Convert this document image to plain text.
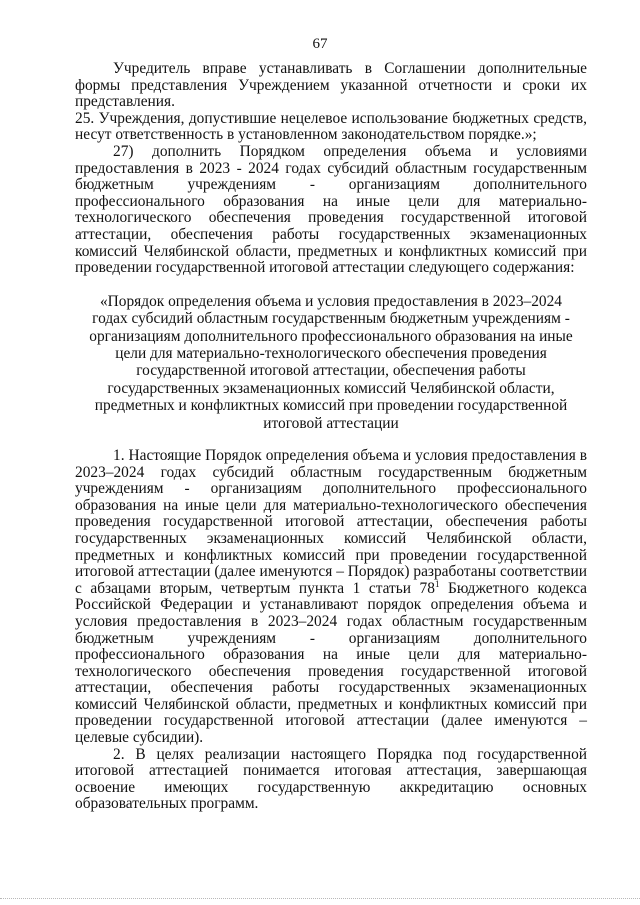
67

Учредитель вправе устанавливать в Соглашении дополнительные формы представления Учреждением указанной отчетности и сроки их представления.

25. Учреждения, допустившие нецелевое использование бюджетных средств, несут ответственность в установленном законодательством порядке.»;

27) дополнить Порядком определения объема и условиями предоставления в 2023 - 2024 годах субсидий областным государственным бюджетным учреждениям - организациям дополнительного профессионального образования на иные цели для материально-технологического обеспечения проведения государственной итоговой аттестации, обеспечения работы государственных экзаменационных комиссий Челябинской области, предметных и конфликтных комиссий при проведении государственной итоговой аттестации следующего содержания:

«Порядок определения объема и условия предоставления в 2023–2024 годах субсидий областным государственным бюджетным учреждениям - организациям дополнительного профессионального образования на иные цели для материально-технологического обеспечения проведения государственной итоговой аттестации, обеспечения работы государственных экзаменационных комиссий Челябинской области, предметных и конфликтных комиссий при проведении государственной итоговой аттестации

1. Настоящие Порядок определения объема и условия предоставления в 2023–2024 годах субсидий областным государственным бюджетным учреждениям - организациям дополнительного профессионального образования на иные цели для материально-технологического обеспечения проведения государственной итоговой аттестации, обеспечения работы государственных экзаменационных комиссий Челябинской области, предметных и конфликтных комиссий при проведении государственной итоговой аттестации (далее именуются – Порядок) разработаны соответствии с абзацами вторым, четвертым пункта 1 статьи $78^1$ Бюджетного кодекса Российской Федерации и устанавливают порядок определения объема и условия предоставления в 2023–2024 годах областным государственным бюджетным учреждениям - организациям дополнительного профессионального образования на иные цели для материально-технологического обеспечения проведения государственной итоговой аттестации, обеспечения работы государственных экзаменационных комиссий Челябинской области, предметных и конфликтных комиссий при проведении государственной итоговой аттестации (далее именуются – целевые субсидии).

2. В целях реализации настоящего Порядка под государственной итоговой аттестацией понимается итоговая аттестация, завершающая освоение имеющих государственную аккредитацию основных образовательных программ.
